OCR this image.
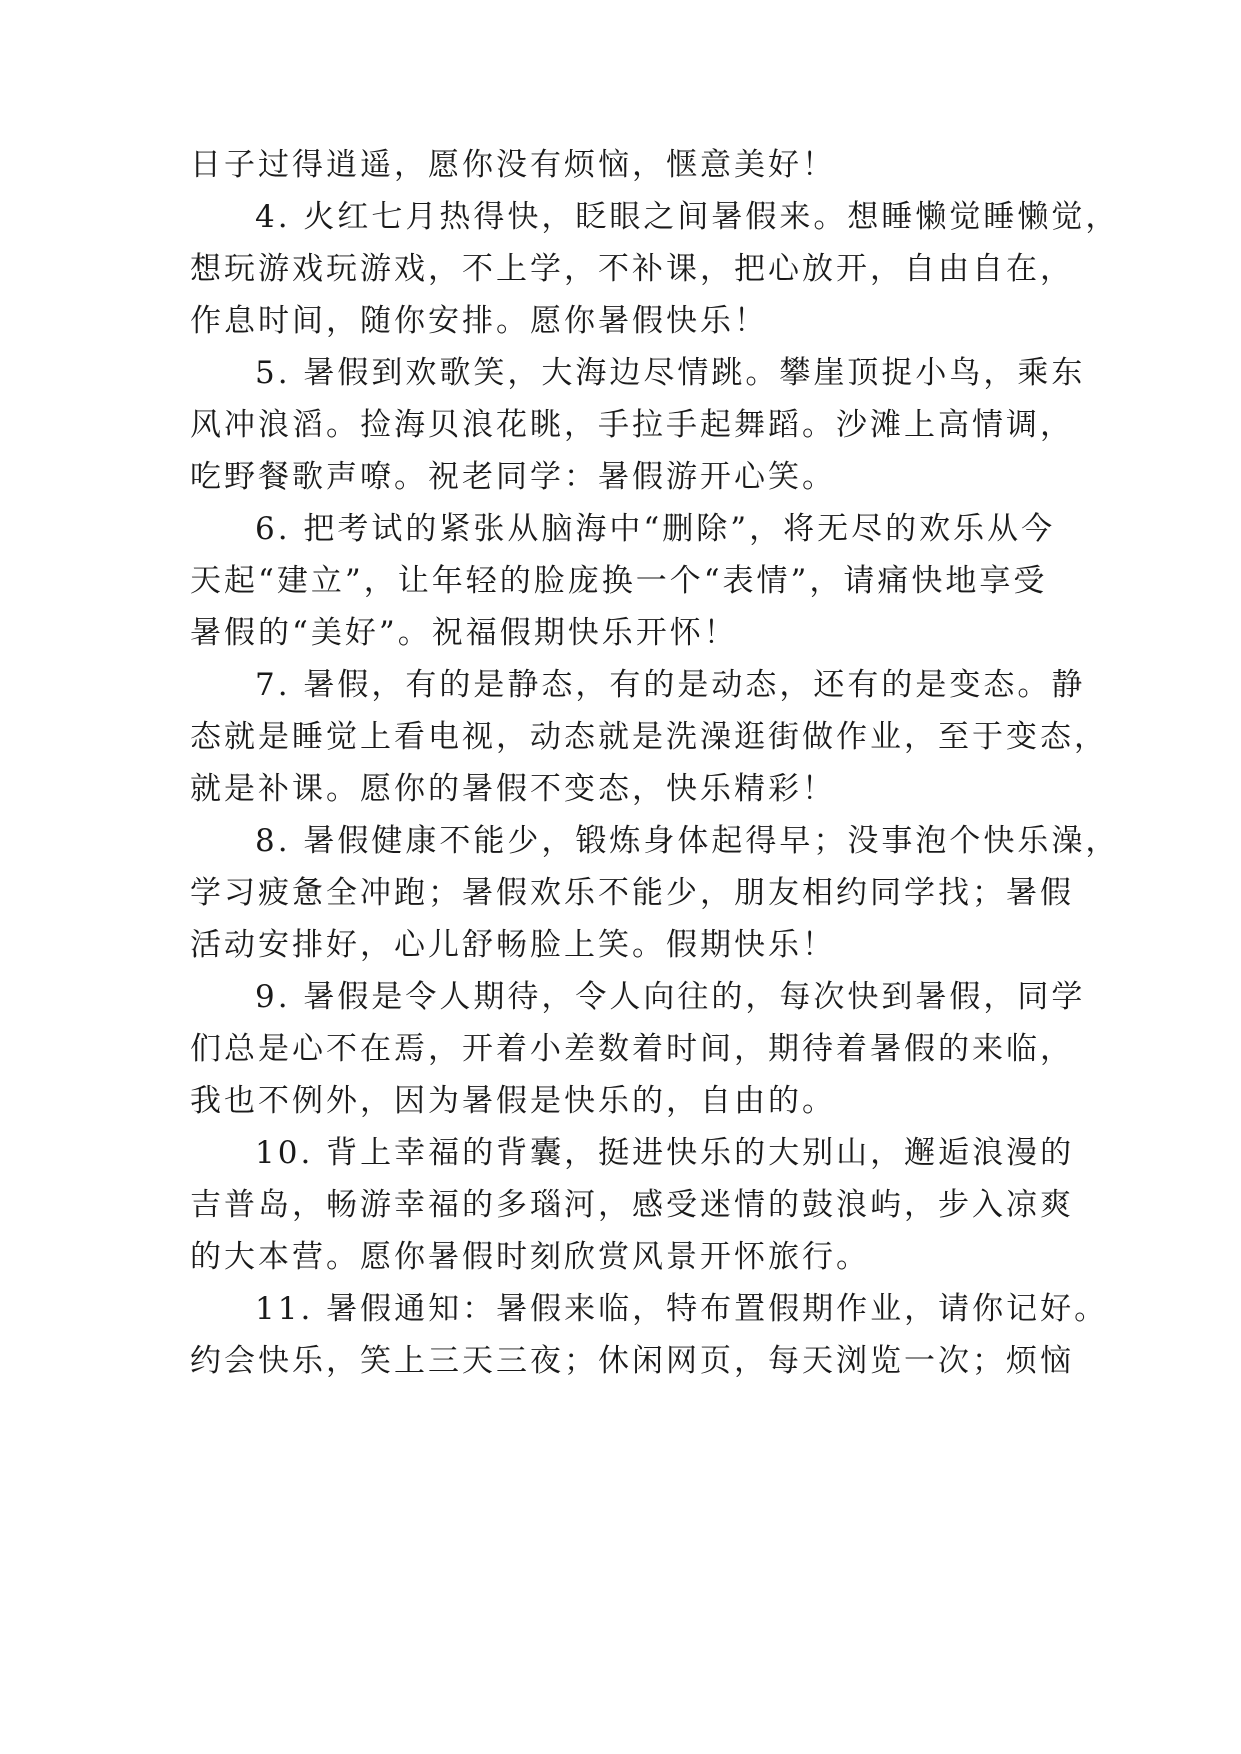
日子过得逍遥，愿你没有烦恼，惬意美好！
4. 火红七月热得快，眨眼之间暑假来。想睡懒觉睡懒觉，
想玩游戏玩游戏，不上学，不补课，把心放开，自由自在，
作息时间，随你安排。愿你暑假快乐！
5. 暑假到欢歌笑，大海边尽情跳。攀崖顶捉小鸟，乘东
风冲浪滔。捡海贝浪花眺，手拉手起舞蹈。沙滩上高情调，
吃野餐歌声嘹。祝老同学：暑假游开心笑。
6. 把考试的紧张从脑海中“删除”，将无尽的欢乐从今
天起“建立”，让年轻的脸庞换一个“表情”，请痛快地享受
暑假的“美好”。祝福假期快乐开怀！
7. 暑假，有的是静态，有的是动态，还有的是变态。静
态就是睡觉上看电视，动态就是洗澡逛街做作业，至于变态，
就是补课。愿你的暑假不变态，快乐精彩！
8. 暑假健康不能少，锻炼身体起得早；没事泡个快乐澡，
学习疲惫全冲跑；暑假欢乐不能少，朋友相约同学找；暑假
活动安排好，心儿舒畅脸上笑。假期快乐！
9. 暑假是令人期待，令人向往的，每次快到暑假，同学
们总是心不在焉，开着小差数着时间，期待着暑假的来临，
我也不例外，因为暑假是快乐的，自由的。
10. 背上幸福的背囊，挺进快乐的大别山，邂逅浪漫的
吉普岛，畅游幸福的多瑙河，感受迷情的鼓浪屿，步入凉爽
的大本营。愿你暑假时刻欣赏风景开怀旅行。
11. 暑假通知：暑假来临，特布置假期作业，请你记好。
约会快乐，笑上三天三夜；休闲网页，每天浏览一次；烦恼
